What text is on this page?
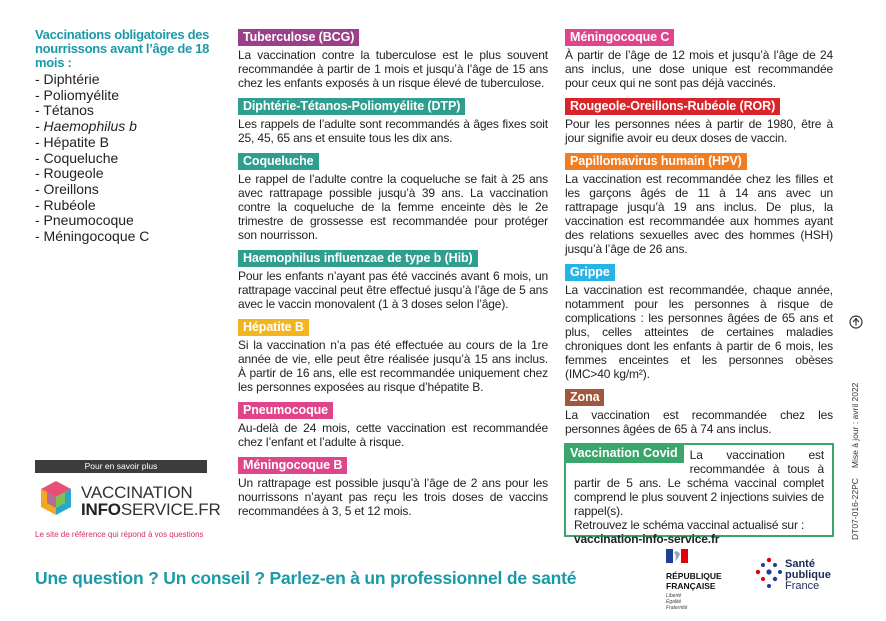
Vaccinations obligatoires des nourrissons avant l’âge de 18 mois :
- Diphtérie
- Poliomyélite
- Tétanos
- Haemophilus b
- Hépatite B
- Coqueluche
- Rougeole
- Oreillons
- Rubéole
- Pneumocoque
- Méningocoque C
Tuberculose (BCG)
La vaccination contre la tuberculose est le plus souvent recommandée à partir de 1 mois et jusqu’à l’âge de 15 ans chez les enfants exposés à un risque élevé de tuberculose.
Diphtérie-Tétanos-Poliomyélite (DTP)
Les rappels de l’adulte sont recommandés à âges fixes soit 25, 45, 65 ans et ensuite tous les dix ans.
Coqueluche
Le rappel de l’adulte contre la coqueluche se fait à 25 ans avec rattrapage possible jusqu’à 39 ans. La vaccination contre la coqueluche de la femme enceinte dès le 2e trimestre de grossesse est recommandée pour protéger son nourrisson.
Haemophilus influenzae de type b (Hib)
Pour les enfants n’ayant pas été vaccinés avant 6 mois, un rattrapage vaccinal peut être effectué jusqu’à l’âge de 5 ans avec le vaccin monovalent (1 à 3 doses selon l’âge).
Hépatite B
Si la vaccination n’a pas été effectuée au cours de la 1re année de vie, elle peut être réalisée jusqu’à 15 ans inclus. À partir de 16 ans, elle est recommandée uniquement chez les personnes exposées au risque d’hépatite B.
Pneumocoque
Au-delà de 24 mois, cette vaccination est recommandée chez l’enfant et l’adulte à risque.
Méningocoque B
Un rattrapage est possible jusqu’à l’âge de 2 ans pour les nourrissons n’ayant pas reçu les trois doses de vaccins recommandées à 3, 5 et 12 mois.
Méningocoque C
À partir de l’âge de 12 mois et jusqu’à l’âge de 24 ans inclus, une dose unique est recommandée pour ceux qui ne sont pas déjà vaccinés.
Rougeole-Oreillons-Rubéole (ROR)
Pour les personnes nées à partir de 1980, être à jour signifie avoir eu deux doses de vaccin.
Papillomavirus humain (HPV)
La vaccination est recommandée chez les filles et les garçons âgés de 11 à 14 ans avec un rattrapage jusqu’à 19 ans inclus. De plus, la vaccination est recommandée aux hommes ayant des relations sexuelles avec des hommes (HSH) jusqu’à l’âge de 26 ans.
Grippe
La vaccination est recommandée, chaque année, notamment pour les personnes à risque de complications : les personnes âgées de 65 ans et plus, celles atteintes de certaines maladies chroniques dont les enfants à partir de 6 mois, les femmes enceintes et les personnes obèses (IMC>40 kg/m²).
Zona
La vaccination est recommandée chez les personnes âgées de 65 à 74 ans inclus.
Vaccination Covid	La vaccination est recommandée à tous à partir de 5 ans. Le schéma vaccinal complet comprend le plus souvent 2 injections suivies de rappel(s).
Retrouvez le schéma vaccinal actualisé sur :
vaccination-info-service.fr
Pour en savoir plus
VACCINATION
INFOSERVICE.FR
Le site de référence qui répond à vos questions
Une question ? Un conseil ? Parlez-en à un professionnel de santé	RÉPUBLIQUE
FRANÇAISE
Liberté
Égalité
Fraternité
Santé
publique
France
DT07-016-22PCMise à jour : avril 2022
